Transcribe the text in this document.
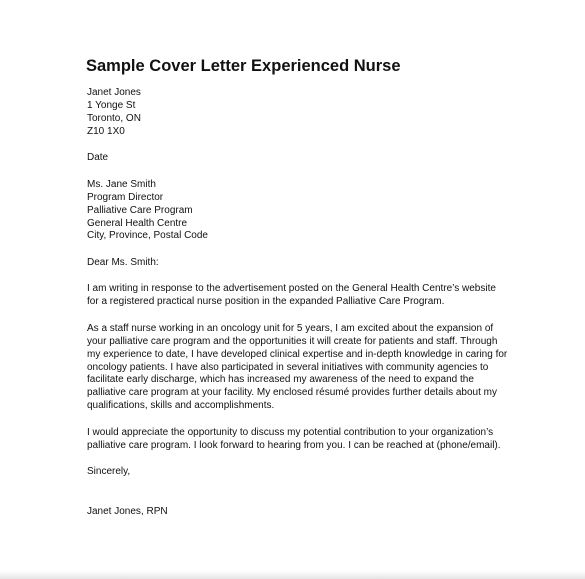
Sample Cover Letter Experienced Nurse
Janet Jones
1 Yonge St
Toronto, ON
Z10 1X0
Date
Ms. Jane Smith
Program Director
Palliative Care Program
General Health Centre
City, Province, Postal Code
Dear Ms. Smith:
I am writing in response to the advertisement posted on the General Health Centre’s website
for a registered practical nurse position in the expanded Palliative Care Program.
As a staff nurse working in an oncology unit for 5 years, I am excited about the expansion of
your palliative care program and the opportunities it will create for patients and staff. Through
my experience to date, I have developed clinical expertise and in-depth knowledge in caring for
oncology patients. I have also participated in several initiatives with community agencies to
facilitate early discharge, which has increased my awareness of the need to expand the
palliative care program at your facility. My enclosed résumé provides further details about my
qualifications, skills and accomplishments.
I would appreciate the opportunity to discuss my potential contribution to your organization’s
palliative care program. I look forward to hearing from you. I can be reached at (phone/email).
Sincerely,
Janet Jones, RPN
